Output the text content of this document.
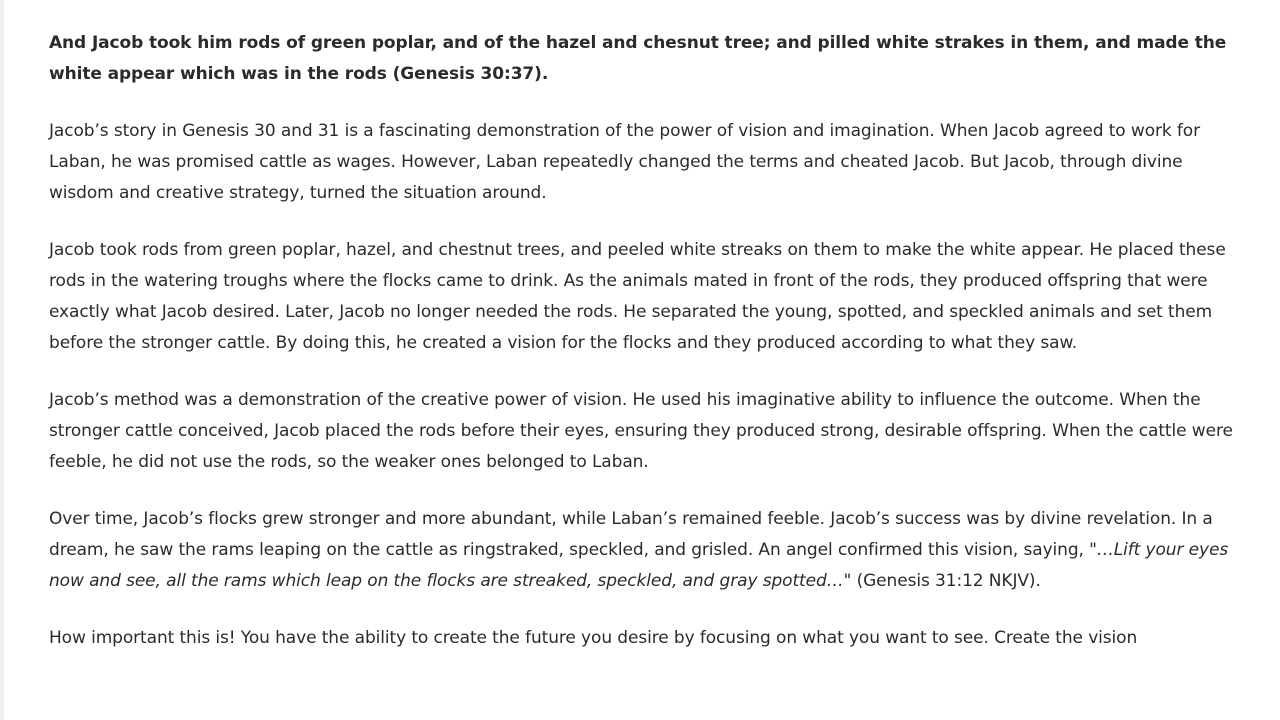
And Jacob took him rods of green poplar, and of the hazel and chesnut tree; and pilled white strakes in them, and made the white appear which was in the rods (Genesis 30:37).

Jacob’s story in Genesis 30 and 31 is a fascinating demonstration of the power of vision and imagination. When Jacob agreed to work for Laban, he was promised cattle as wages. However, Laban repeatedly changed the terms and cheated Jacob. But Jacob, through divine wisdom and creative strategy, turned the situation around.

Jacob took rods from green poplar, hazel, and chestnut trees, and peeled white streaks on them to make the white appear. He placed these rods in the watering troughs where the flocks came to drink. As the animals mated in front of the rods, they produced offspring that were exactly what Jacob desired. Later, Jacob no longer needed the rods. He separated the young, spotted, and speckled animals and set them before the stronger cattle. By doing this, he created a vision for the flocks and they produced according to what they saw.

Jacob’s method was a demonstration of the creative power of vision. He used his imaginative ability to influence the outcome. When the stronger cattle conceived, Jacob placed the rods before their eyes, ensuring they produced strong, desirable offspring. When the cattle were feeble, he did not use the rods, so the weaker ones belonged to Laban.

Over time, Jacob’s flocks grew stronger and more abundant, while Laban’s remained feeble. Jacob’s success was by divine revelation. In a dream, he saw the rams leaping on the cattle as ringstraked, speckled, and grisled. An angel confirmed this vision, saying, "…Lift your eyes now and see, all the rams which leap on the flocks are streaked, speckled, and gray spotted…" (Genesis 31:12 NKJV).

How important this is! You have the ability to create the future you desire by focusing on what you want to see. Create the vision
